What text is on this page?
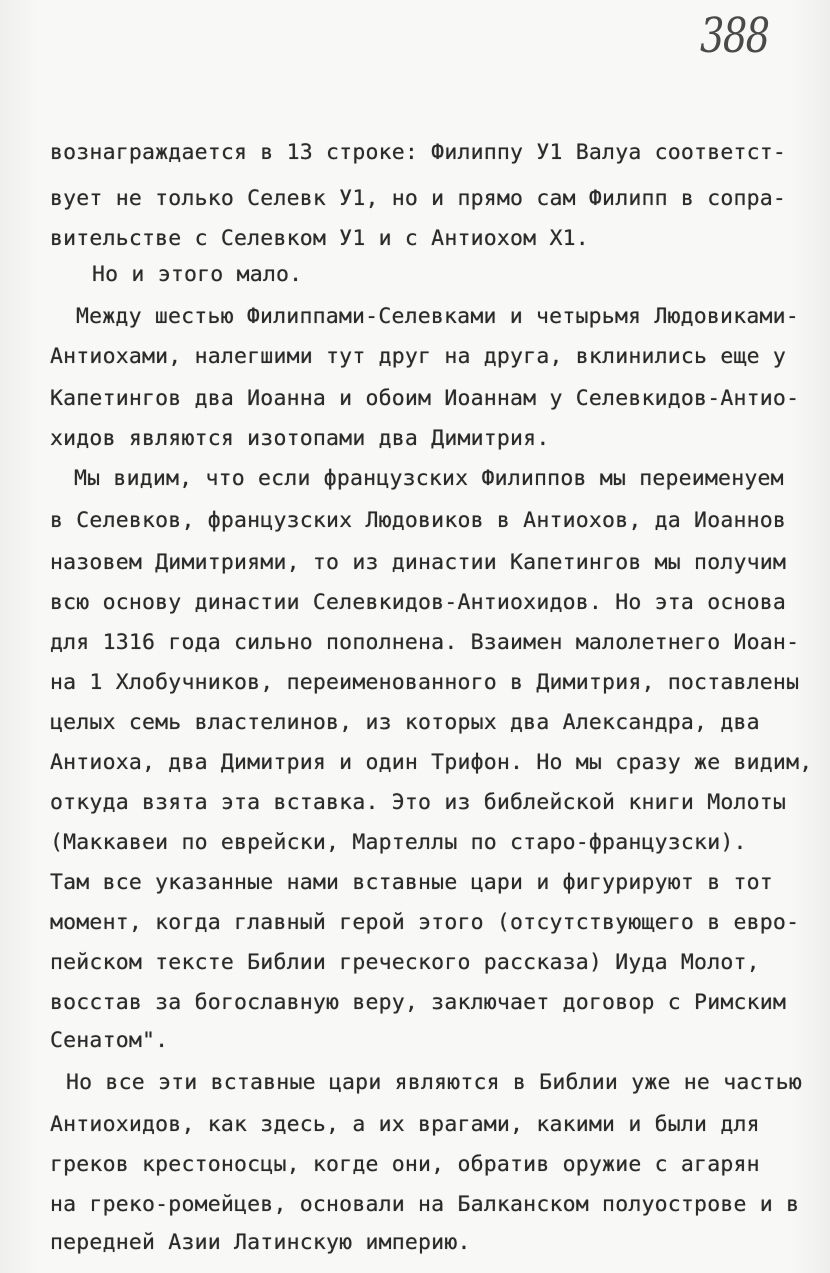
388
вознаграждается в 13 строке: Филиппу У1 Валуа соответст-
вует не только Селевк У1, но и прямо сам Филипп в сопра-
вительстве с Селевком У1 и с Антиохом Х1.
Но и этого мало.
Между шестью Филиппами-Селевками и четырьмя Людовиками-
Антиохами, налегшими тут друг на друга, вклинились еще у
Капетингов два Иоанна и обоим Иоаннам у Селевкидов-Антио-
хидов являются изотопами два Димитрия.
Мы видим, что если французских Филиппов мы переименуем
в Селевков, французских Людовиков в Антиохов, да Иоаннов
назовем Димитриями, то из династии Капетингов мы получим
всю основу династии Селевкидов-Антиохидов. Но эта основа
для 1316 года сильно пополнена. Взаимен малолетнего Иоан-
на 1 Хлобучников, переименованного в Димитрия, поставлены
целых семь властелинов, из которых два Александра, два
Антиоха, два Димитрия и один Трифон. Но мы сразу же видим,
откуда взята эта вставка. Это из библейской книги Молоты
(Маккавеи по еврейски, Мартеллы по старо-французски).
Там все указанные нами вставные цари и фигурируют в тот
момент, когда главный герой этого (отсутствующего в евро-
пейском тексте Библии греческого рассказа) Иуда Молот,
восстав за богославную веру, заключает договор с Римским
Сенатом".
Но все эти вставные цари являются в Библии уже не частью
Антиохидов, как здесь, а их врагами, какими и были для
греков крестоносцы, когде они, обратив оружие с агарян
на греко-ромейцев, основали на Балканском полуострове и в
передней Азии Латинскую империю.
